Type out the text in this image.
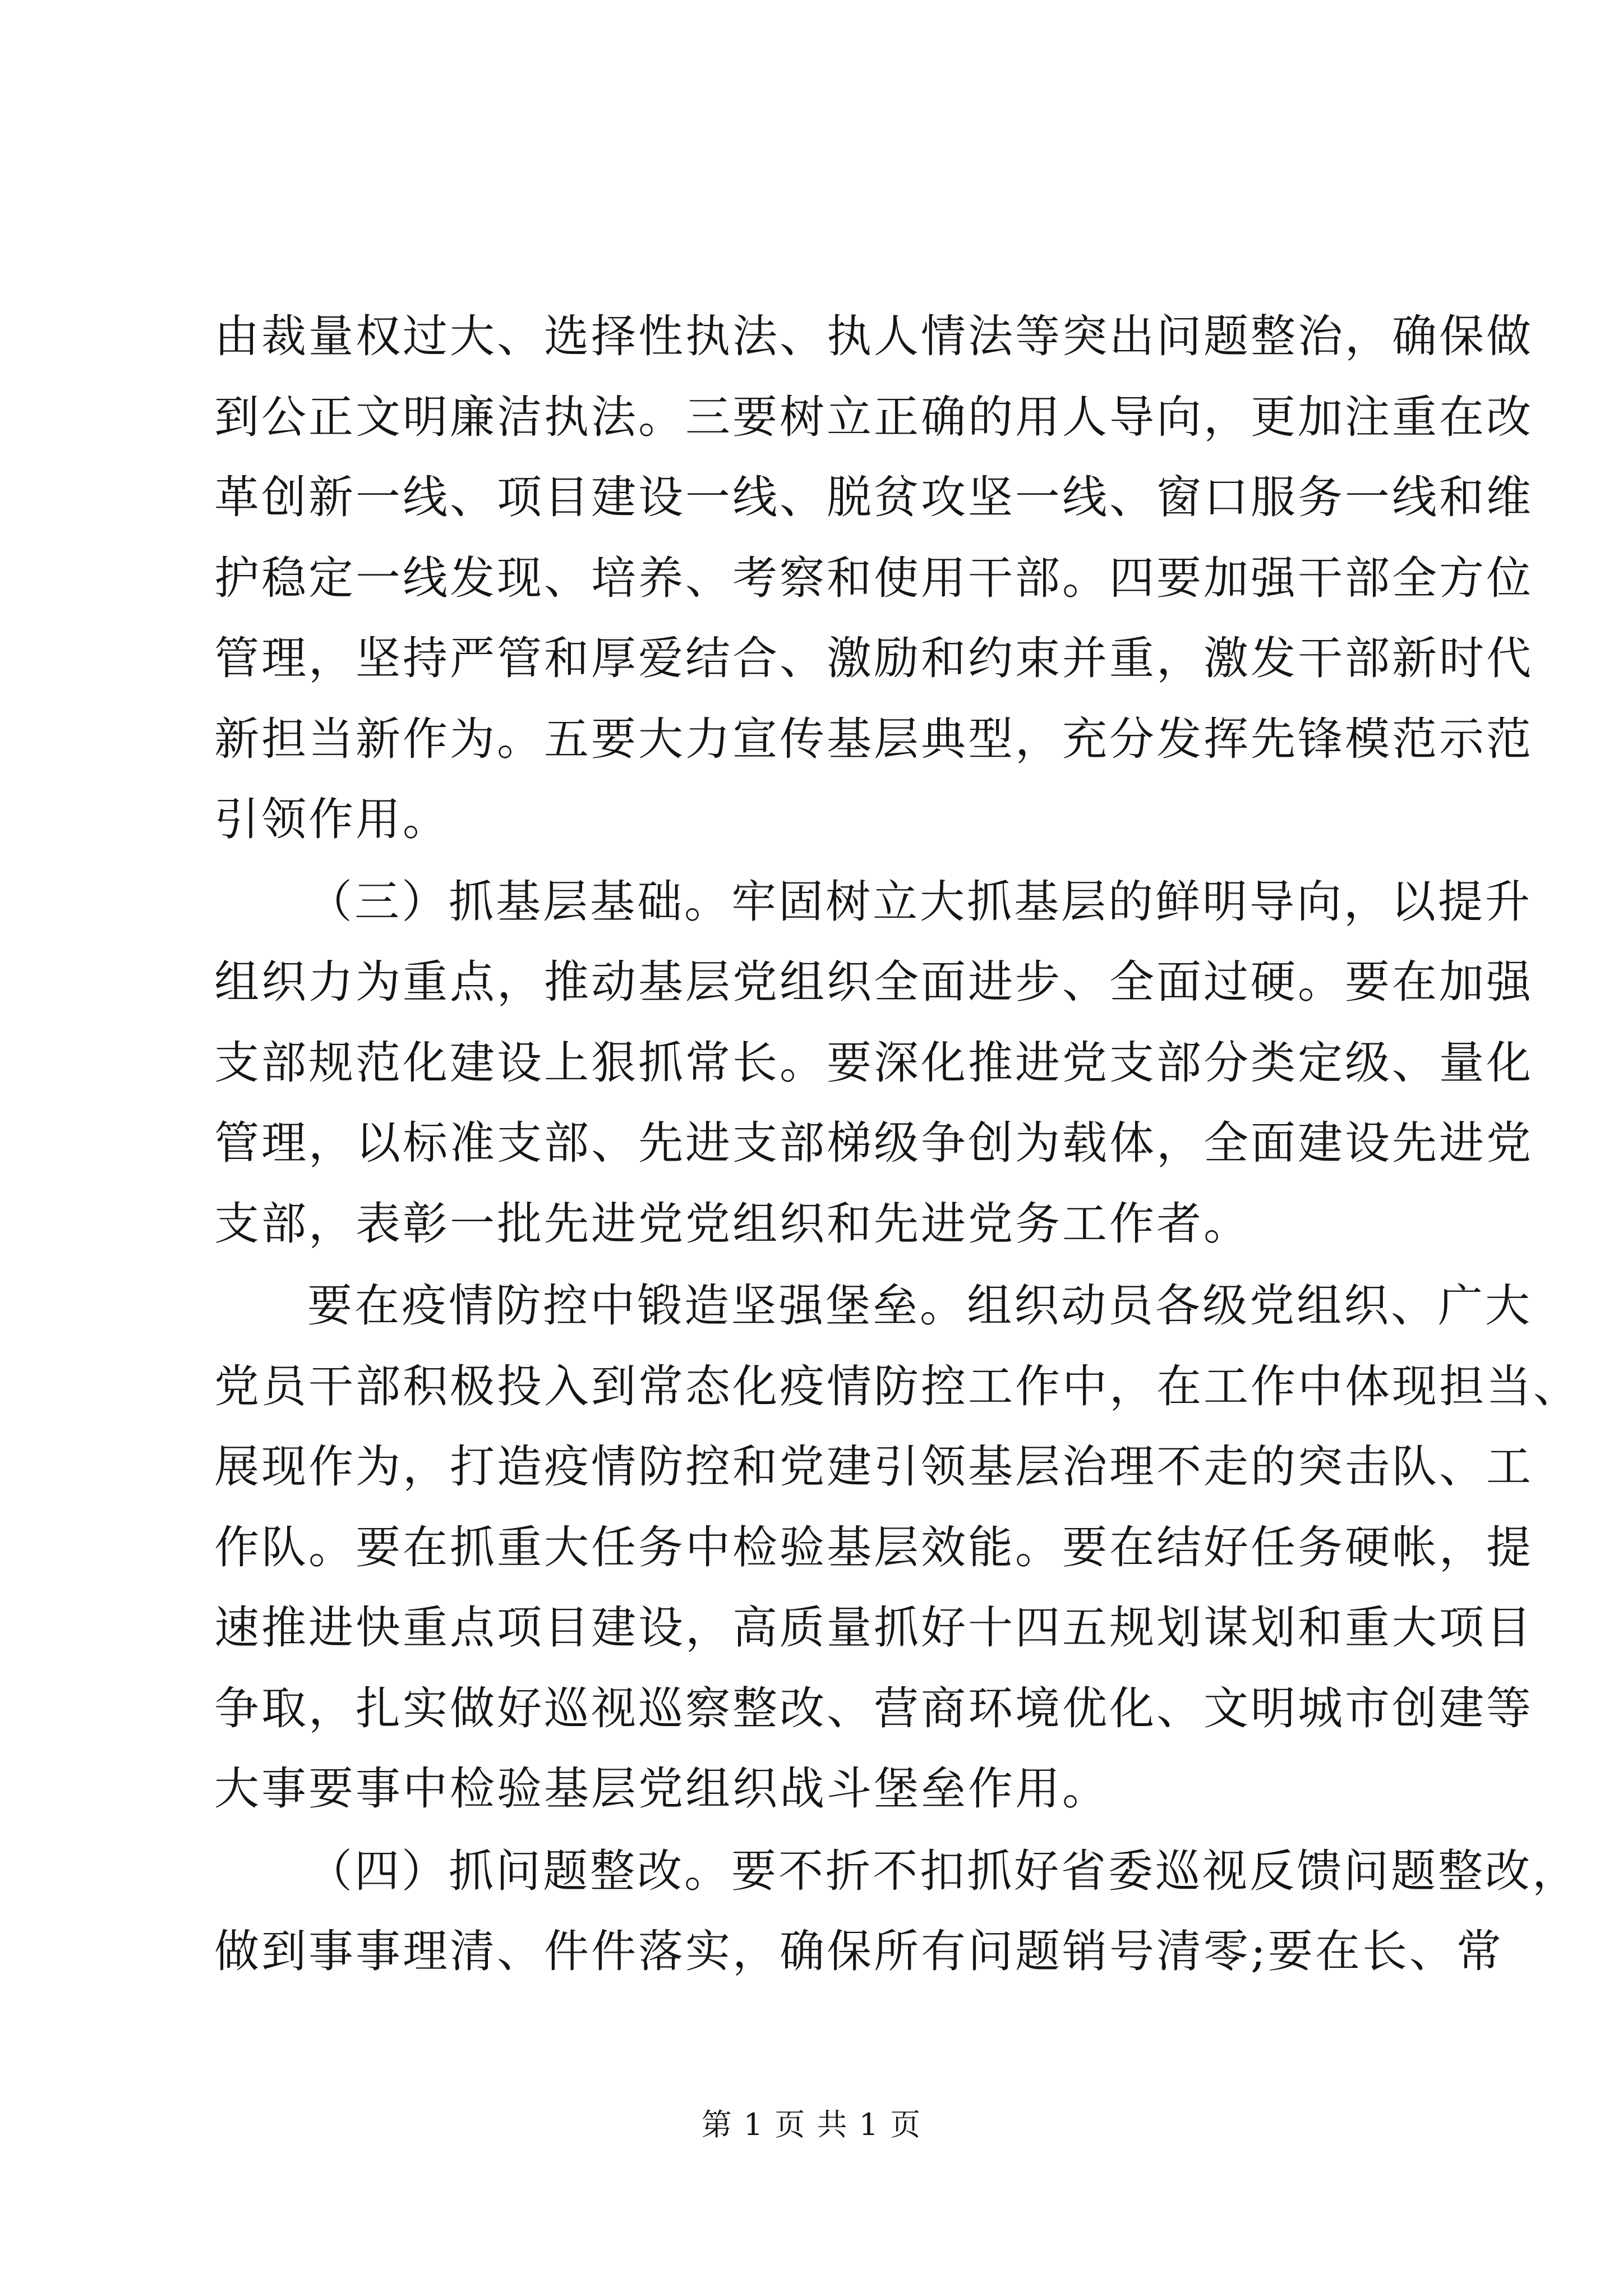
由裁量权过大、选择性执法、执人情法等突出问题整治，确保做
到公正文明廉洁执法。三要树立正确的用人导向，更加注重在改
革创新一线、项目建设一线、脱贫攻坚一线、窗口服务一线和维
护稳定一线发现、培养、考察和使用干部。四要加强干部全方位
管理，坚持严管和厚爱结合、激励和约束并重，激发干部新时代
新担当新作为。五要大力宣传基层典型，充分发挥先锋模范示范
引领作用。
（三）抓基层基础。牢固树立大抓基层的鲜明导向，以提升
组织力为重点，推动基层党组织全面进步、全面过硬。要在加强
支部规范化建设上狠抓常长。要深化推进党支部分类定级、量化
管理，以标准支部、先进支部梯级争创为载体，全面建设先进党
支部，表彰一批先进党党组织和先进党务工作者。
要在疫情防控中锻造坚强堡垒。组织动员各级党组织、广大
党员干部积极投入到常态化疫情防控工作中，在工作中体现担当、
展现作为，打造疫情防控和党建引领基层治理不走的突击队、工
作队。要在抓重大任务中检验基层效能。要在结好任务硬帐，提
速推进快重点项目建设，高质量抓好十四五规划谋划和重大项目
争取，扎实做好巡视巡察整改、营商环境优化、文明城市创建等
大事要事中检验基层党组织战斗堡垒作用。
（四）抓问题整改。要不折不扣抓好省委巡视反馈问题整改，
做到事事理清、件件落实，确保所有问题销号清零;要在长、常
第 1 页 共 1 页
